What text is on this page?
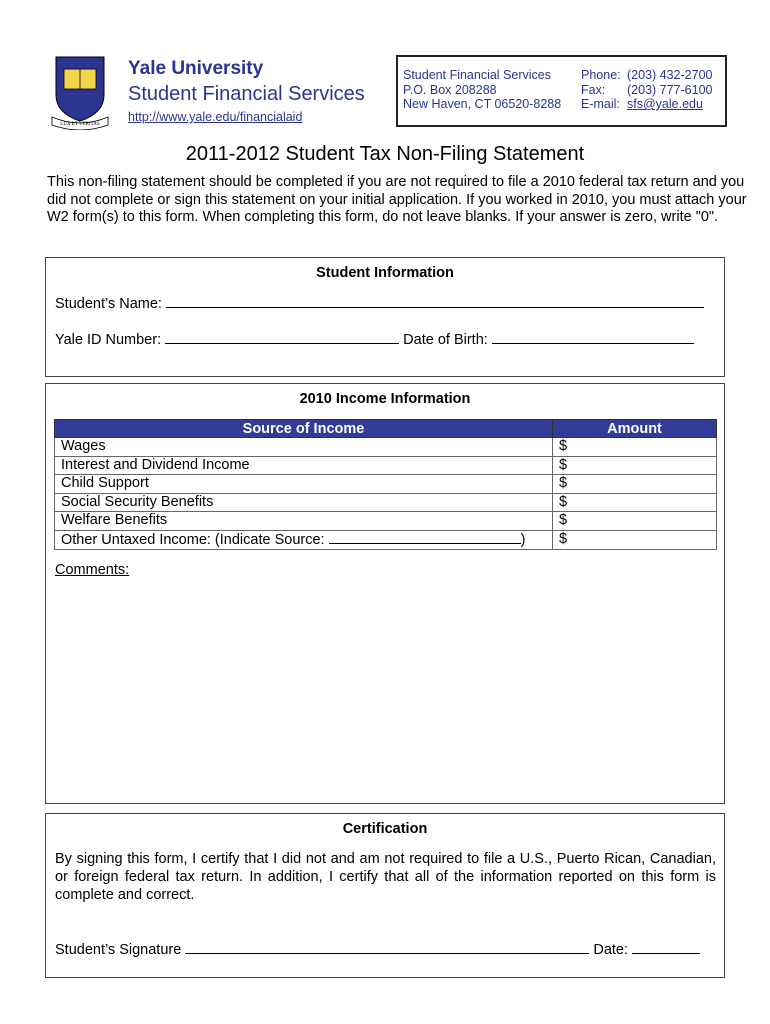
LUX ET VERITAS
Yale University
Student Financial Services
http://www.yale.edu/financialaid
Student Financial Services
P.O. Box 208288
New Haven, CT 06520-8288
Phone: (203) 432-2700
Fax: (203) 777-6100
E-mail: sfs@yale.edu
2011-2012 Student Tax Non-Filing Statement
This non-filing statement should be completed if you are not required to file a 2010 federal tax return and you did not complete or sign this statement on your initial application. If you worked in 2010, you must attach your W2 form(s) to this form. When completing this form, do not leave blanks. If your answer is zero, write "0".
Student Information
Student’s Name:
Yale ID Number:	Date of Birth:
2010 Income Information
Source of Income	Amount
Wages	$
Interest and Dividend Income	$
Child Support	$
Social Security Benefits	$
Welfare Benefits	$
Other Untaxed Income: (Indicate Source: )	$
Comments:
Certification
By signing this form, I certify that I did not and am not required to file a U.S., Puerto Rican, Canadian, or foreign federal tax return. In addition, I certify that all of the information reported on this form is complete and correct.
Student’s Signature	Date:
